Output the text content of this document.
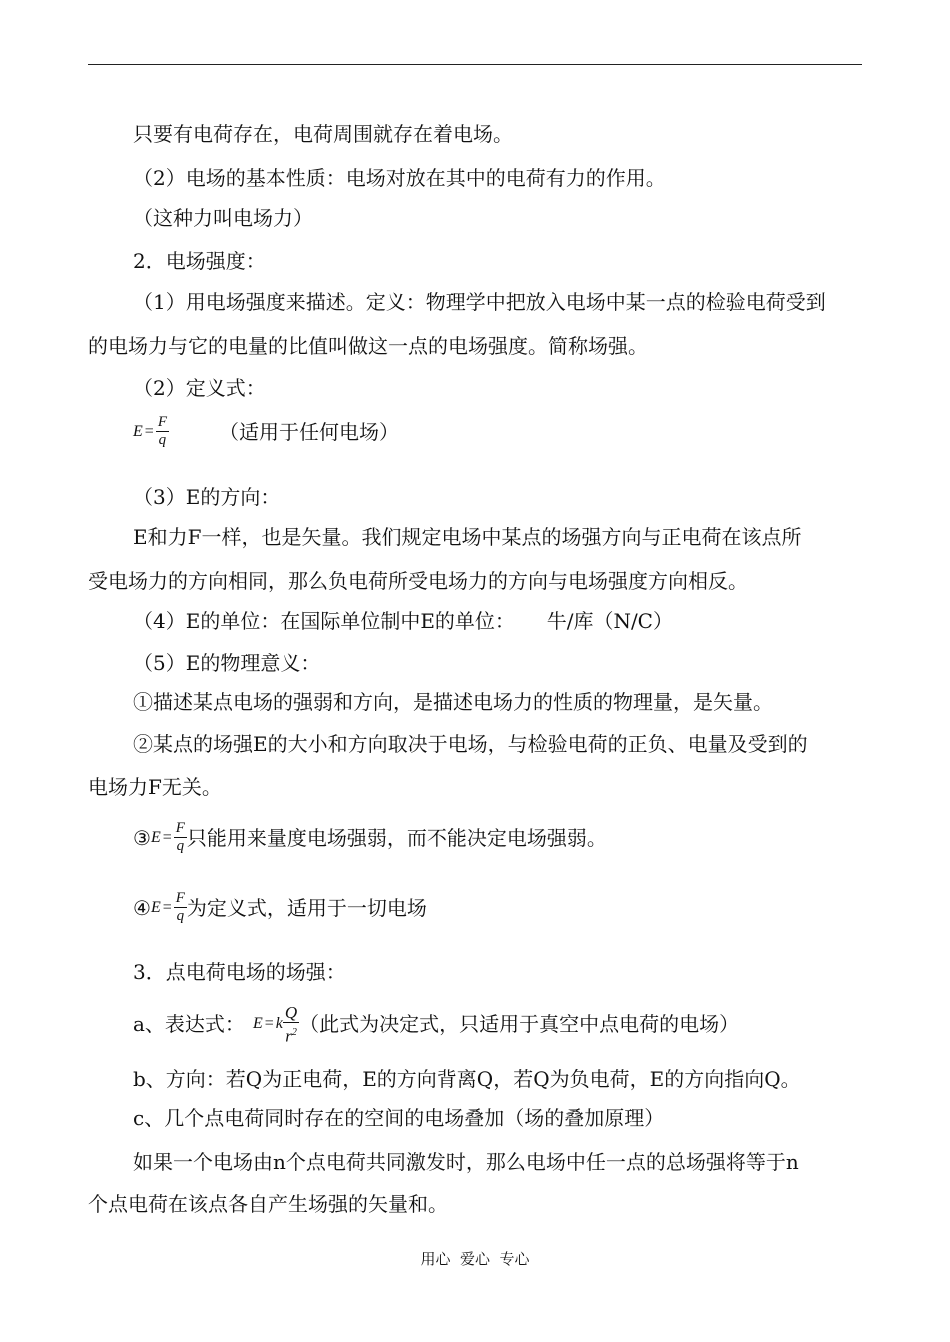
只要有电荷存在，电荷周围就存在着电场。
（2）电场的基本性质：电场对放在其中的电荷有力的作用。
（这种力叫电场力）
2．电场强度：
（1）用电场强度来描述。定义：物理学中把放入电场中某一点的检验电荷受到
的电场力与它的电量的比值叫做这一点的电场强度。简称场强。
（2）定义式：
$E = \frac{F}{q}$	（适用于任何电场）
（3）E的方向：
E和力F一样，也是矢量。我们规定电场中某点的场强方向与正电荷在该点所
受电场力的方向相同，那么负电荷所受电场力的方向与电场强度方向相反。
（4）E的单位：在国际单位制中E的单位：     牛/库（N/C）
（5）E的物理意义：
①描述某点电场的强弱和方向，是描述电场力的性质的物理量，是矢量。
②某点的场强E的大小和方向取决于电场，与检验电荷的正负、电量及受到的
电场力F无关。
③ $E = \frac{F}{q}$ 只能用来量度电场强弱，而不能决定电场强弱。
④ $E = \frac{F}{q}$ 为定义式，适用于一切电场
3．点电荷电场的场强：
a、表达式： E = k $\frac{Q}{r^2}$ （此式为决定式，只适用于真空中点电荷的电场）
b、方向：若Q为正电荷，E的方向背离Q，若Q为负电荷，E的方向指向Q。
c、几个点电荷同时存在的空间的电场叠加（场的叠加原理）
如果一个电场由n个点电荷共同激发时，那么电场中任一点的总场强将等于n
个点电荷在该点各自产生场强的矢量和。
用心  爱心  专心
